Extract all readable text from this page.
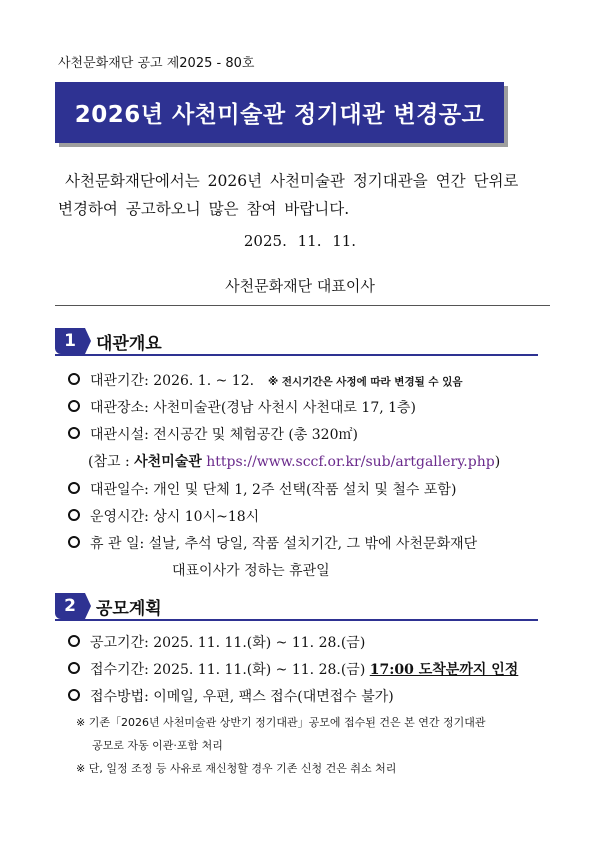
사천문화재단 공고 제2025 - 80호
2026년 사천미술관 정기대관 변경공고
사천문화재단에서는 2026년 사천미술관 정기대관을 연간 단위로
변경하여 공고하오니 많은 참여 바랍니다.
2025. 11. 11.
사천문화재단 대표이사
1	대관개요
대관기간: 2026. 1. ~ 12. ※ 전시기간은 사정에 따라 변경될 수 있음
대관장소: 사천미술관(경남 사천시 사천대로 17, 1층)
대관시설: 전시공간 및 체험공간 (총 320㎡)
(참고 : 사천미술관 https://www.sccf.or.kr/sub/artgallery.php)
대관일수: 개인 및 단체 1, 2주 선택(작품 설치 및 철수 포함)
운영시간: 상시 10시~18시
휴 관 일: 설날, 추석 당일, 작품 설치기간, 그 밖에 사천문화재단
대표이사가 정하는 휴관일
2	공모계획
공고기간: 2025. 11. 11.(화) ~ 11. 28.(금)
접수기간: 2025. 11. 11.(화) ~ 11. 28.(금) 17:00 도착분까지 인정
접수방법: 이메일, 우편, 팩스 접수(대면접수 불가)
※ 기존「2026년 사천미술관 상반기 정기대관」공모에 접수된 건은 본 연간 정기대관
공모로 자동 이관·포함 처리
※ 단, 일정 조정 등 사유로 재신청할 경우 기존 신청 건은 취소 처리
